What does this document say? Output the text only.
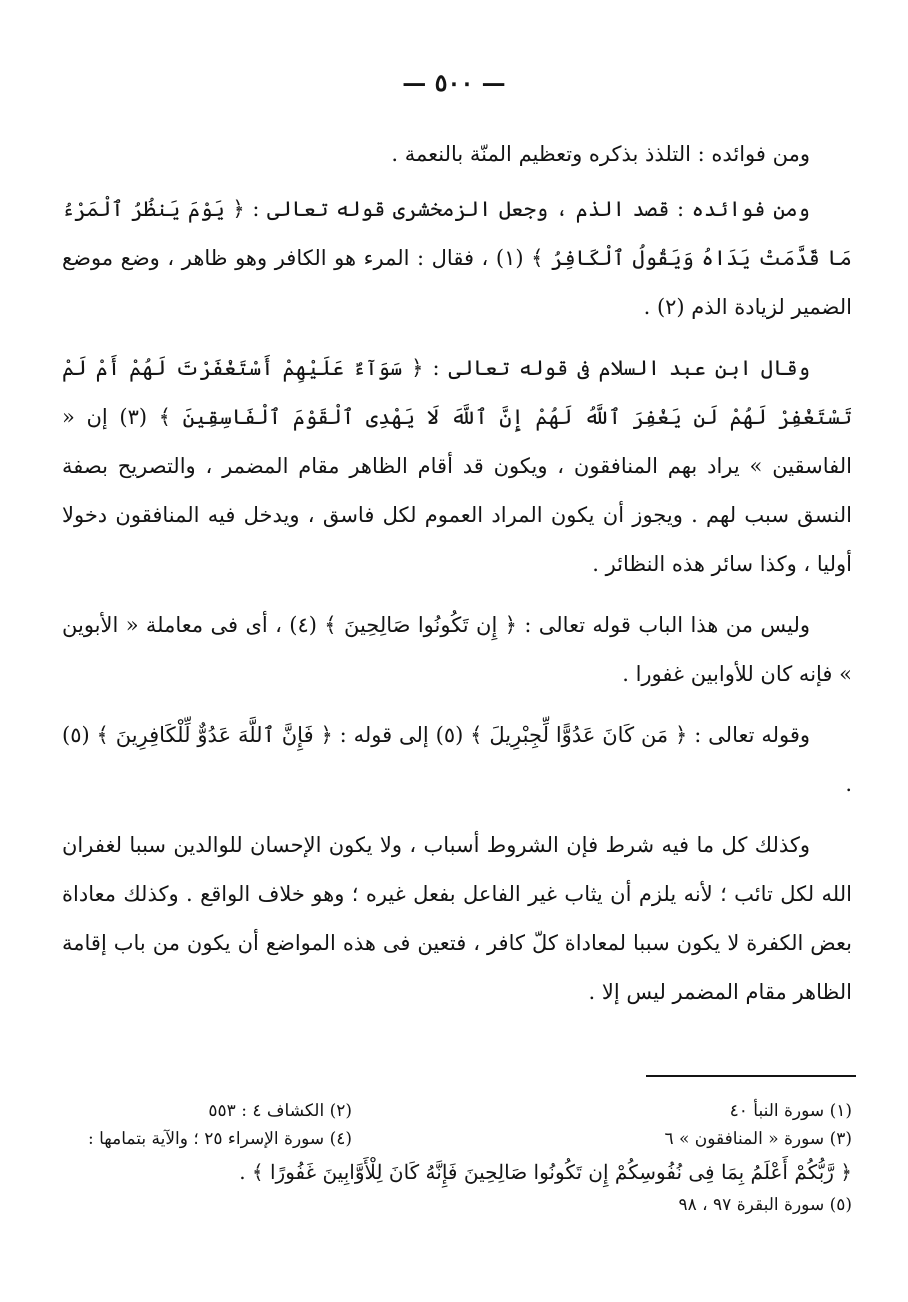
— ٥٠٠ —

ومن فوائده : التلذذ بذكره وتعظيم المنّة بالنعمة .

ومن فوائده : قصد الذم ، وجعل الزمخشرى قوله تعالى : ﴿ يَوْمَ يَنظُرُ ٱلْمَرْءُ مَا قَدَّمَتْ يَدَاهُ وَيَقُولُ ٱلْكَافِرُ ﴾ (١) ، فقال : المرء هو الكافر وهو ظاهر ، وضع موضع الضمير لزيادة الذم (٢) .

وقال ابن عبد السلام فى قوله تعالى : ﴿ سَوَآءٌ عَلَيْهِمْ أَسْتَغْفَرْتَ لَهُمْ أَمْ لَمْ تَسْتَغْفِرْ لَهُمْ لَن يَغْفِرَ ٱللَّهُ لَهُمْ إِنَّ ٱللَّهَ لَا يَهْدِى ٱلْقَوْمَ ٱلْفَاسِقِينَ ﴾ (٣) إن « الفاسقين » يراد بهم المنافقون ، ويكون قد أقام الظاهر مقام المضمر ، والتصريح بصفة النسق سبب لهم . ويجوز أن يكون المراد العموم لكل فاسق ، ويدخل فيه المنافقون دخولا أوليا ، وكذا سائر هذه النظائر .

وليس من هذا الباب قوله تعالى : ﴿ إِن تَكُونُوا صَالِحِينَ ﴾ (٤) ، أى فى معاملة « الأبوين » فإنه كان للأوابين غفورا .

وقوله تعالى : ﴿ مَن كَانَ عَدُوًّا لِّجِبْرِيلَ ﴾ (٥) إلى قوله : ﴿ فَإِنَّ ٱللَّهَ عَدُوٌّ لِّلْكَافِرِينَ ﴾ (٥) .

وكذلك كل ما فيه شرط فإن الشروط أسباب ، ولا يكون الإحسان للوالدين سببا لغفران الله لكل تائب ؛ لأنه يلزم أن يثاب غير الفاعل بفعل غيره ؛ وهو خلاف الواقع . وكذلك معاداة بعض الكفرة لا يكون سببا لمعاداة كلّ كافر ، فتعين فى هذه المواضع أن يكون من باب إقامة الظاهر مقام المضمر ليس إلا .

(١) سورة النبأ ٤٠
(٢) الكشاف ٤ : ٥٥٣
(٣) سورة « المنافقون » ٦
(٤) سورة الإسراء ٢٥ ؛ والآية بتمامها :
﴿ رَّبُّكُمْ أَعْلَمُ بِمَا فِى نُفُوسِكُمْ إِن تَكُونُوا صَالِحِينَ فَإِنَّهُ كَانَ لِلْأَوَّابِينَ غَفُورًا ﴾ .
(٥) سورة البقرة ٩٧ ، ٩٨
